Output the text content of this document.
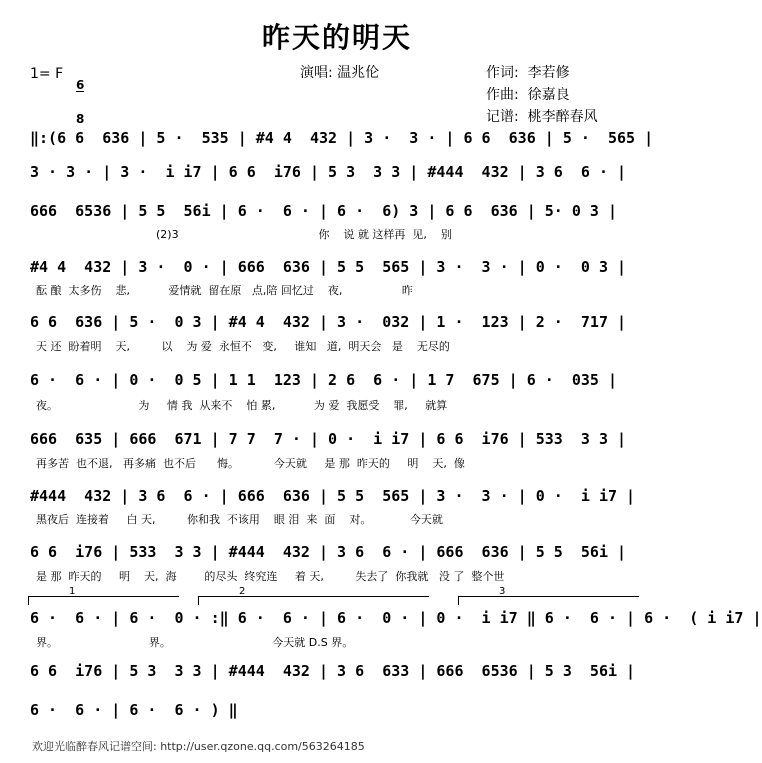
昨天的明天
1= F

6

8

演唱: 温兆伦	作词:  李若修
作曲:  徐嘉良
记谱:  桃李醉春风
‖:(6 6  636 | 5 ·  535 | #4 4  432 | 3 ·  3 · | 6 6  636 | 5 ·  565 |
3 · 3 · | 3 ·  i i7 | 6 6  i76 | 5 3  3 3 | #444  432 | 3 6  6 · |
666  6536 | 5 5  56i | 6 ·  6 · | 6 ·  6) 3 | 6 6  636 | 5· 0 3 |
(2)3                                        你    说 就 这样再  见,    别
#4 4  432 | 3 ·  0 · | 666  636 | 5 5  565 | 3 ·  3 · | 0 ·  0 3 |
酝 酿  太多伤    悲,           爱情就  留在原   点,陪 回忆过    夜,                 昨
6 6  636 | 5 ·  0 3 | #4 4  432 | 3 ·  032 | 1 ·  123 | 2 ·  717 |
天 还  盼着明    天,         以    为 爱  永恒不   变,     谁知   道,  明天会   是    无尽的
6 ·  6 · | 0 ·  0 5 | 1 1  123 | 2 6  6 · | 1 7  675 | 6 ·  035 |
夜。                       为     情 我  从来不    怕 累,           为 爱  我愿受    罪,     就算
666  635 | 666  671 | 7 7  7 · | 0 ·  i i7 | 6 6  i76 | 533  3 3 |
再多苦  也不退,   再多痛  也不后      悔。          今天就     是 那  昨天的     明    天,  像
#444  432 | 3 6  6 · | 666  636 | 5 5  565 | 3 ·  3 · | 0 ·  i i7 |
黑夜后  连接着     白 天,         你和我  不该用    眼 泪  来  面    对。           今天就
6 6  i76 | 533  3 3 | #444  432 | 3 6  6 · | 666  636 | 5 5  56i |
是 那  昨天的     明    天,  海        的尽头  终究连     着 天,         失去了  你我就   没 了  整个世
1	2	3
6 ·  6 · | 6 ·  0 · :‖ 6 ·  6 · | 6 ·  0 · | 0 ·  i i7 ‖ 6 ·  6 · | 6 ·  ( i i7 |
界。                          界。                             今天就 D.S 界。
6 6  i76 | 5 3  3 3 | #444  432 | 3 6  633 | 666  6536 | 5 3  56i |
6 ·  6 · | 6 ·  6 · ) ‖
欢迎光临醉春风记谱空间: http://user.qzone.qq.com/563264185
